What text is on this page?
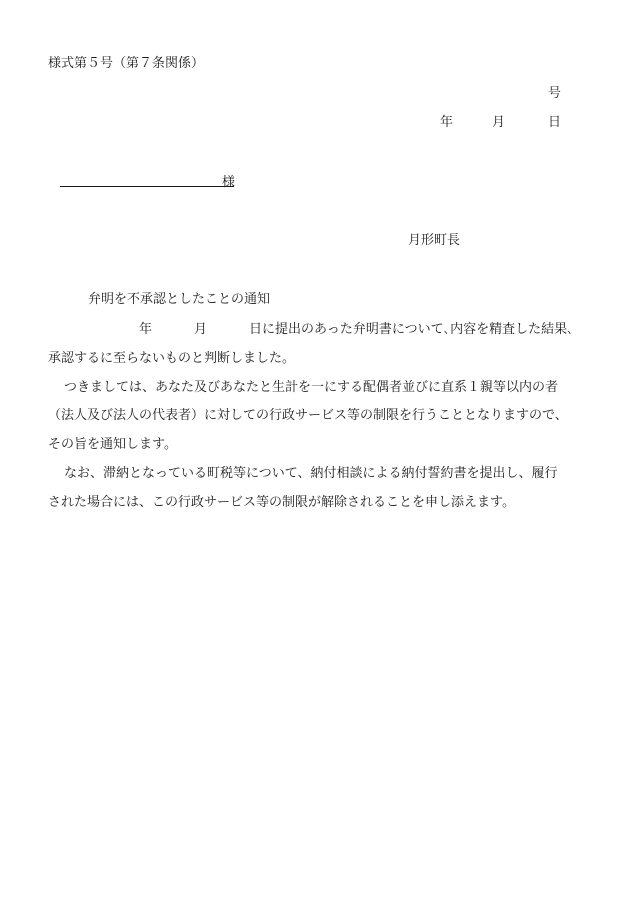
様式第５号（第７条関係）
号
年	月	日
様
月形町長
弁明を不承認としたことの通知
年	月	日に提出のあった弁明書について､内容を精査した結果､
承認するに至らないものと判断しました。
つきましては、あなた及びあなたと生計を一にする配偶者並びに直系１親等以内の者
（法人及び法人の代表者）に対しての行政サービス等の制限を行うこととなりますので、
その旨を通知します。
なお、滞納となっている町税等について、納付相談による納付誓約書を提出し、履行
された場合には、この行政サービス等の制限が解除されることを申し添えます。
